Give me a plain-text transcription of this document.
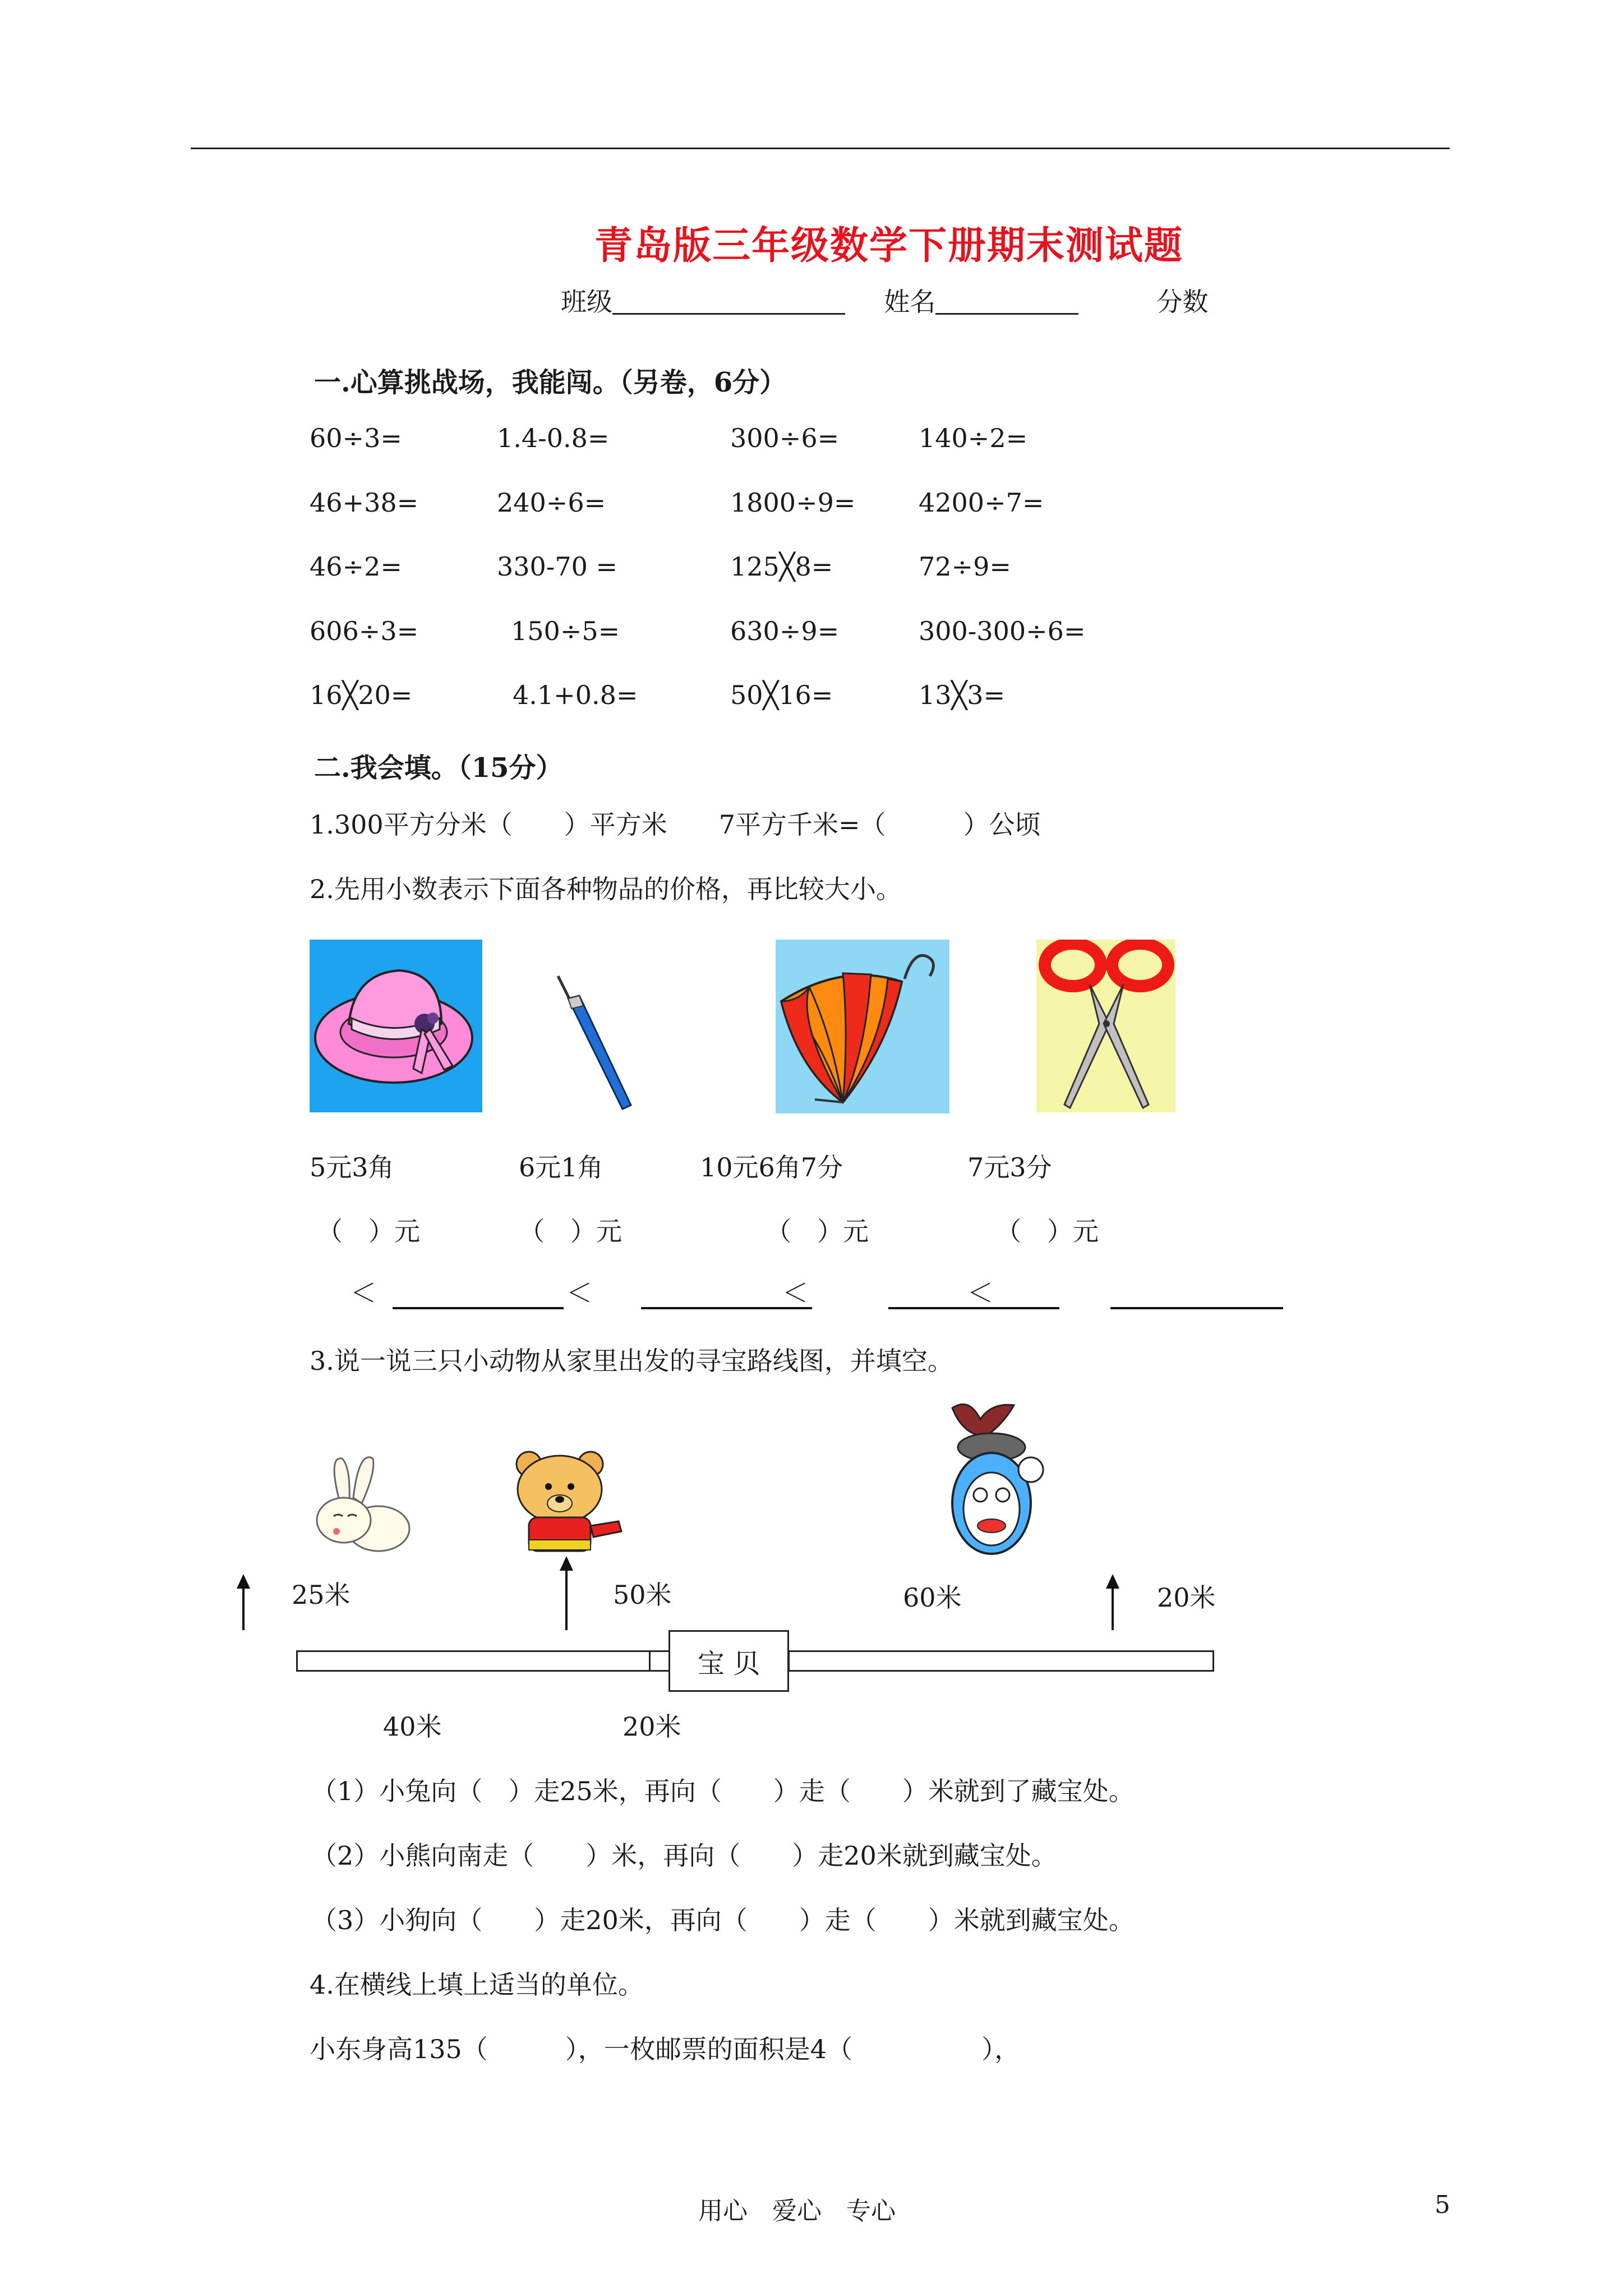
青岛版三年级数学下册期末测试题
班级	姓名	分数
一.心算挑战场，我能闯。（另卷，6分）
60÷3=	1.4-0.8=	300÷6=	140÷2=
46+38=	240÷6=	1800÷9= 4200÷7=
46÷2=	330-70 =	125╳8=	72÷9=
606÷3=	150÷5=	630÷9=	300-300÷6=
16╳20=	4.1+0.8=	50╳16=	13╳3=
二.我会填。（15分）
1.300平方分米（　　）平方米　　7平方千米=（　　　）公顷
2.先用小数表示下面各种物品的价格，再比较大小。
5元3角
（　）元
6元1角
（　）元
10元6角7分
（　）元
7元3分
（　）元
＜	＜	＜	＜
3.说一说三只小动物从家里出发的寻宝路线图，并填空。
25米	50米	60米	20米
宝 贝
40米	20米
（1）小兔向（　）走25米，再向（　　）走（　　）米就到了藏宝处。
（2）小熊向南走（　　）米，再向（　　）走20米就到藏宝处。
（3）小狗向（　　）走20米，再向（　　）走（　　）米就到藏宝处。
4.在横线上填上适当的单位。
小东身高135（　　　），一枚邮票的面积是4（　　　　　），
用心　爱心　专心	5
